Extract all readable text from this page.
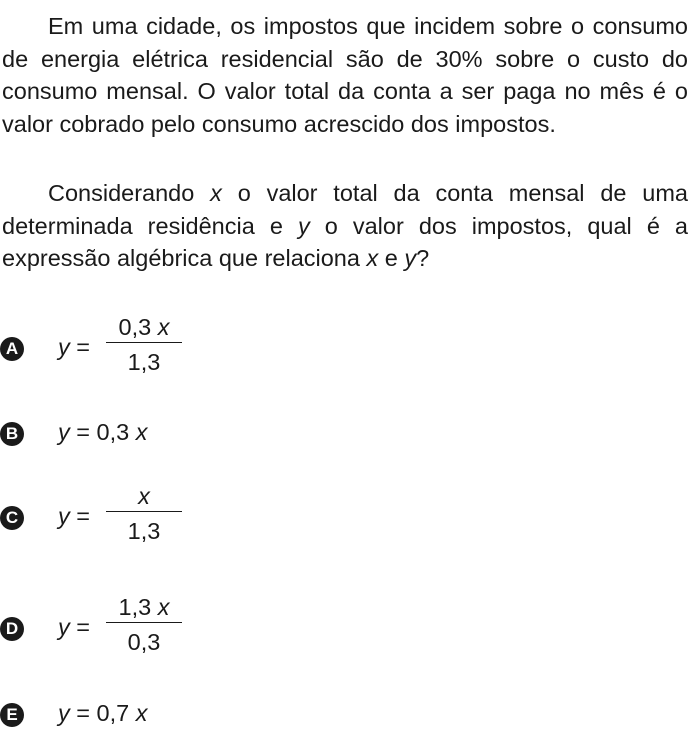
Em uma cidade, os impostos que incidem sobre o consumo de energia elétrica residencial são de 30% sobre o custo do consumo mensal. O valor total da conta a ser paga no mês é o valor cobrado pelo consumo acrescido dos impostos.

Considerando x o valor total da conta mensal de uma determinada residência e y o valor dos impostos, qual é a expressão algébrica que relaciona x e y?

A $y = \frac{0,3 x}{1,3}$
B y = 0,3 x
C $y = \frac{x}{1,3}$
D $y = \frac{1,3 x}{0,3}$
E y = 0,7 x
